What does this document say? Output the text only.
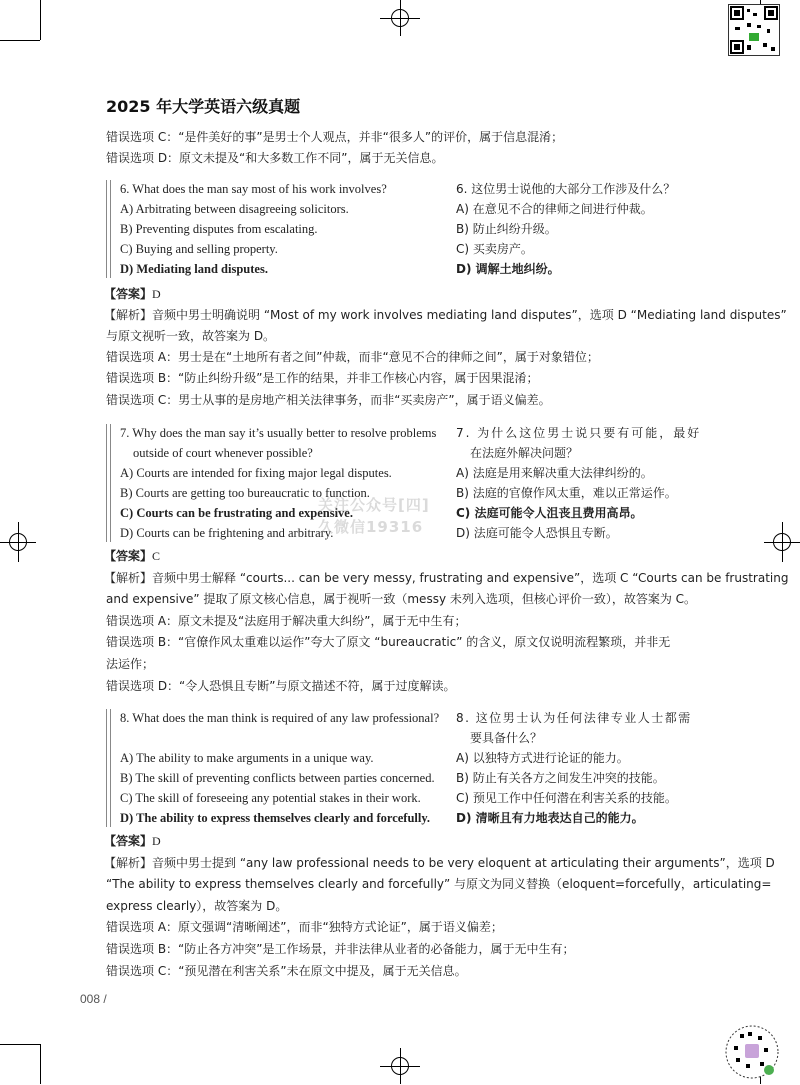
2025 年大学英语六级真题
错误选项 C：“是件美好的事”是男士个人观点，并非“很多人”的评价，属于信息混淆；
错误选项 D：原文未提及“和大多数工作不同”，属于无关信息。
6. What does the man say most of his work involves?
A) Arbitrating between disagreeing solicitors.
B) Preventing disputes from escalating.
C) Buying and selling property.
D) Mediating land disputes.
6. 这位男士说他的大部分工作涉及什么？
A) 在意见不合的律师之间进行仲裁。
B) 防止纠纷升级。
C) 买卖房产。
D) 调解土地纠纷。
【答案】D
【解析】音频中男士明确说明 “Most of my work involves mediating land disputes”，选项 D “Mediating land disputes”
与原文视听一致，故答案为 D。
错误选项 A：男士是在“土地所有者之间”仲裁，而非“意见不合的律师之间”，属于对象错位；
错误选项 B：“防止纠纷升级”是工作的结果，并非工作核心内容，属于因果混淆；
错误选项 C：男士从事的是房地产相关法律事务，而非“买卖房产”，属于语义偏差。
7. Why does the man say it’s usually better to resolve problems
outside of court whenever possible?
A) Courts are intended for fixing major legal disputes.
B) Courts are getting too bureaucratic to function.
C) Courts can be frustrating and expensive.
D) Courts can be frightening and arbitrary.
7. 为什么这位男士说只要有可能，最好
在法庭外解决问题？
A) 法庭是用来解决重大法律纠纷的。
B) 法庭的官僚作风太重，难以正常运作。
C) 法庭可能令人沮丧且费用高昂。
D) 法庭可能令人恐惧且专断。
【答案】C
【解析】音频中男士解释 “courts... can be very messy, frustrating and expensive”，选项 C “Courts can be frustrating
and expensive” 提取了原文核心信息，属于视听一致（messy 未列入选项，但核心评价一致），故答案为 C。
错误选项 A：原文未提及“法庭用于解决重大纠纷”，属于无中生有；
错误选项 B：“官僚作风太重难以运作”夸大了原文 “bureaucratic” 的含义，原文仅说明流程繁琐，并非无
法运作；
错误选项 D：“令人恐惧且专断”与原文描述不符，属于过度解读。
关注公众号[四]
久微信19316
8. What does the man think is required of any law professional?
A) The ability to make arguments in a unique way.
B) The skill of preventing conflicts between parties concerned.
C) The skill of foreseeing any potential stakes in their work.
D) The ability to express themselves clearly and forcefully.
8. 这位男士认为任何法律专业人士都需
要具备什么？
A) 以独特方式进行论证的能力。
B) 防止有关各方之间发生冲突的技能。
C) 预见工作中任何潜在利害关系的技能。
D) 清晰且有力地表达自己的能力。
【答案】D
【解析】音频中男士提到 “any law professional needs to be very eloquent at articulating their arguments”，选项 D
“The ability to express themselves clearly and forcefully” 与原文为同义替换（eloquent=forcefully，articulating=
express clearly），故答案为 D。
错误选项 A：原文强调“清晰阐述”，而非“独特方式论证”，属于语义偏差；
错误选项 B：“防止各方冲突”是工作场景，并非法律从业者的必备能力，属于无中生有；
错误选项 C：“预见潜在利害关系”未在原文中提及，属于无关信息。
008 /
